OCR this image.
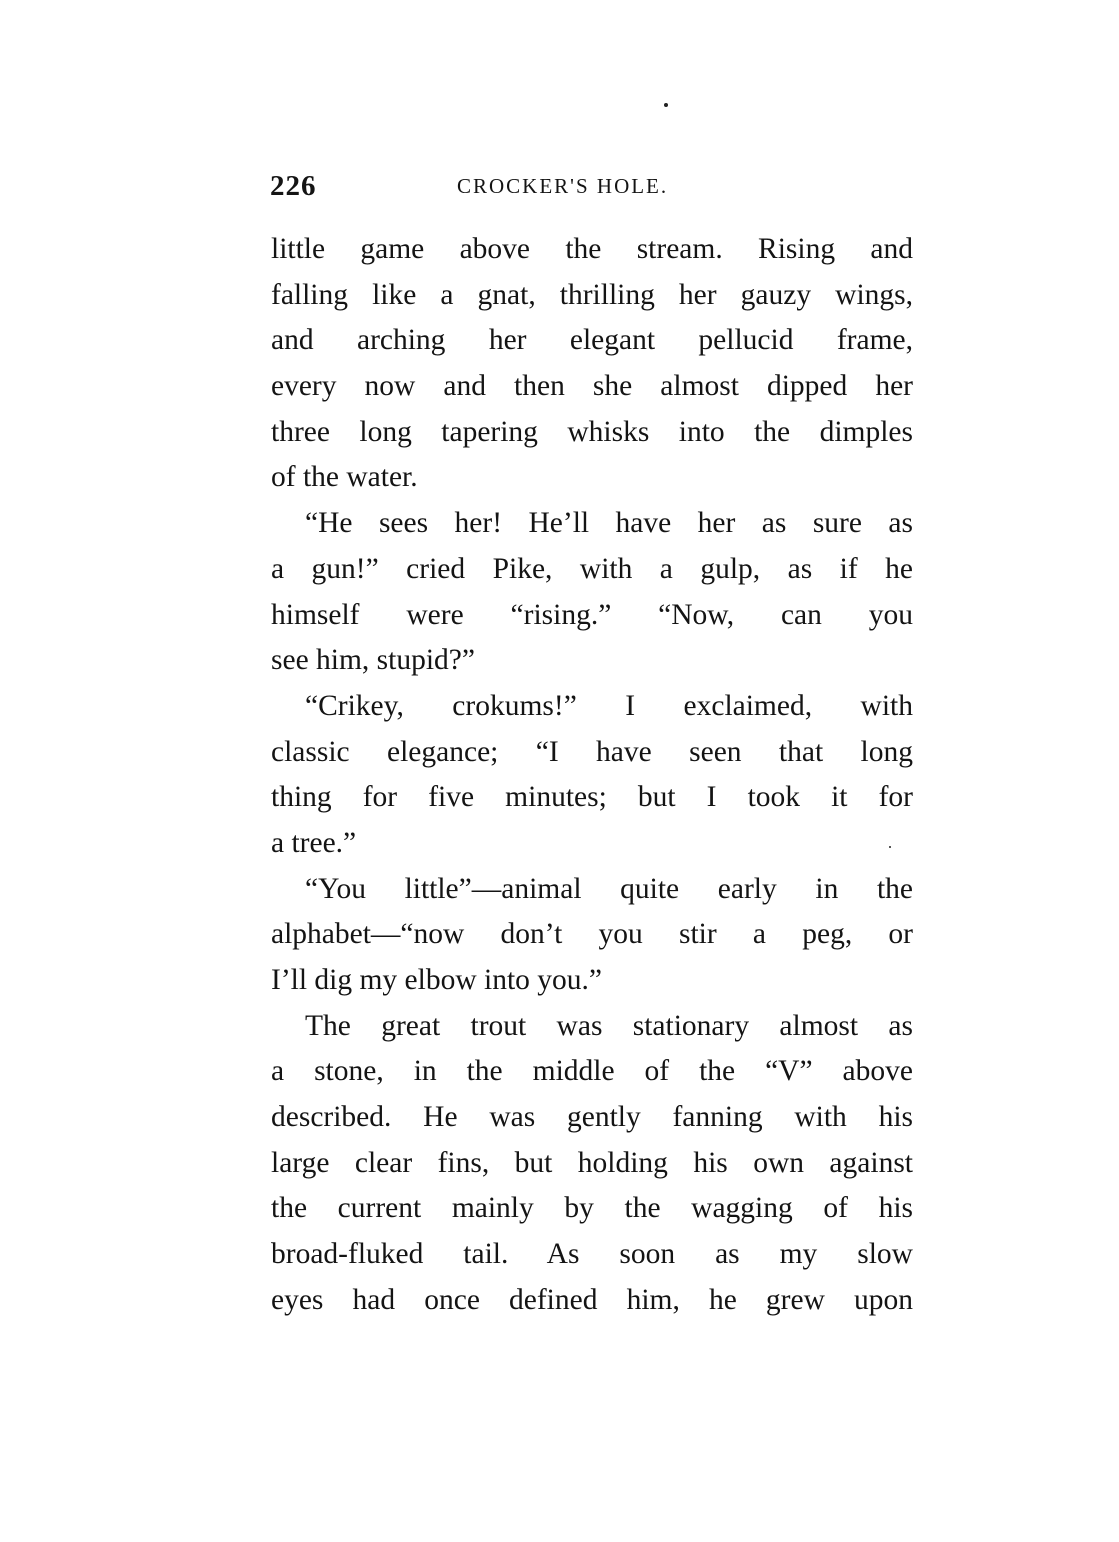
226	CROCKER'S HOLE.
little game above the stream. Rising and
falling like a gnat, thrilling her gauzy wings,
and arching her elegant pellucid frame,
every now and then she almost dipped her
three long tapering whisks into the dimples
of the water.
“He sees her! He’ll have her as sure as
a gun!” cried Pike, with a gulp, as if he
himself were “rising.” “Now, can you
see him, stupid?”
“Crikey, crokums!” I exclaimed, with
classic elegance; “I have seen that long
thing for five minutes; but I took it for
a tree.”
“You little”—animal quite early in the
alphabet—“now don’t you stir a peg, or
I’ll dig my elbow into you.”
The great trout was stationary almost as
a stone, in the middle of the “V” above
described. He was gently fanning with his
large clear fins, but holding his own against
the current mainly by the wagging of his
broad-fluked tail. As soon as my slow
eyes had once defined him, he grew upon
